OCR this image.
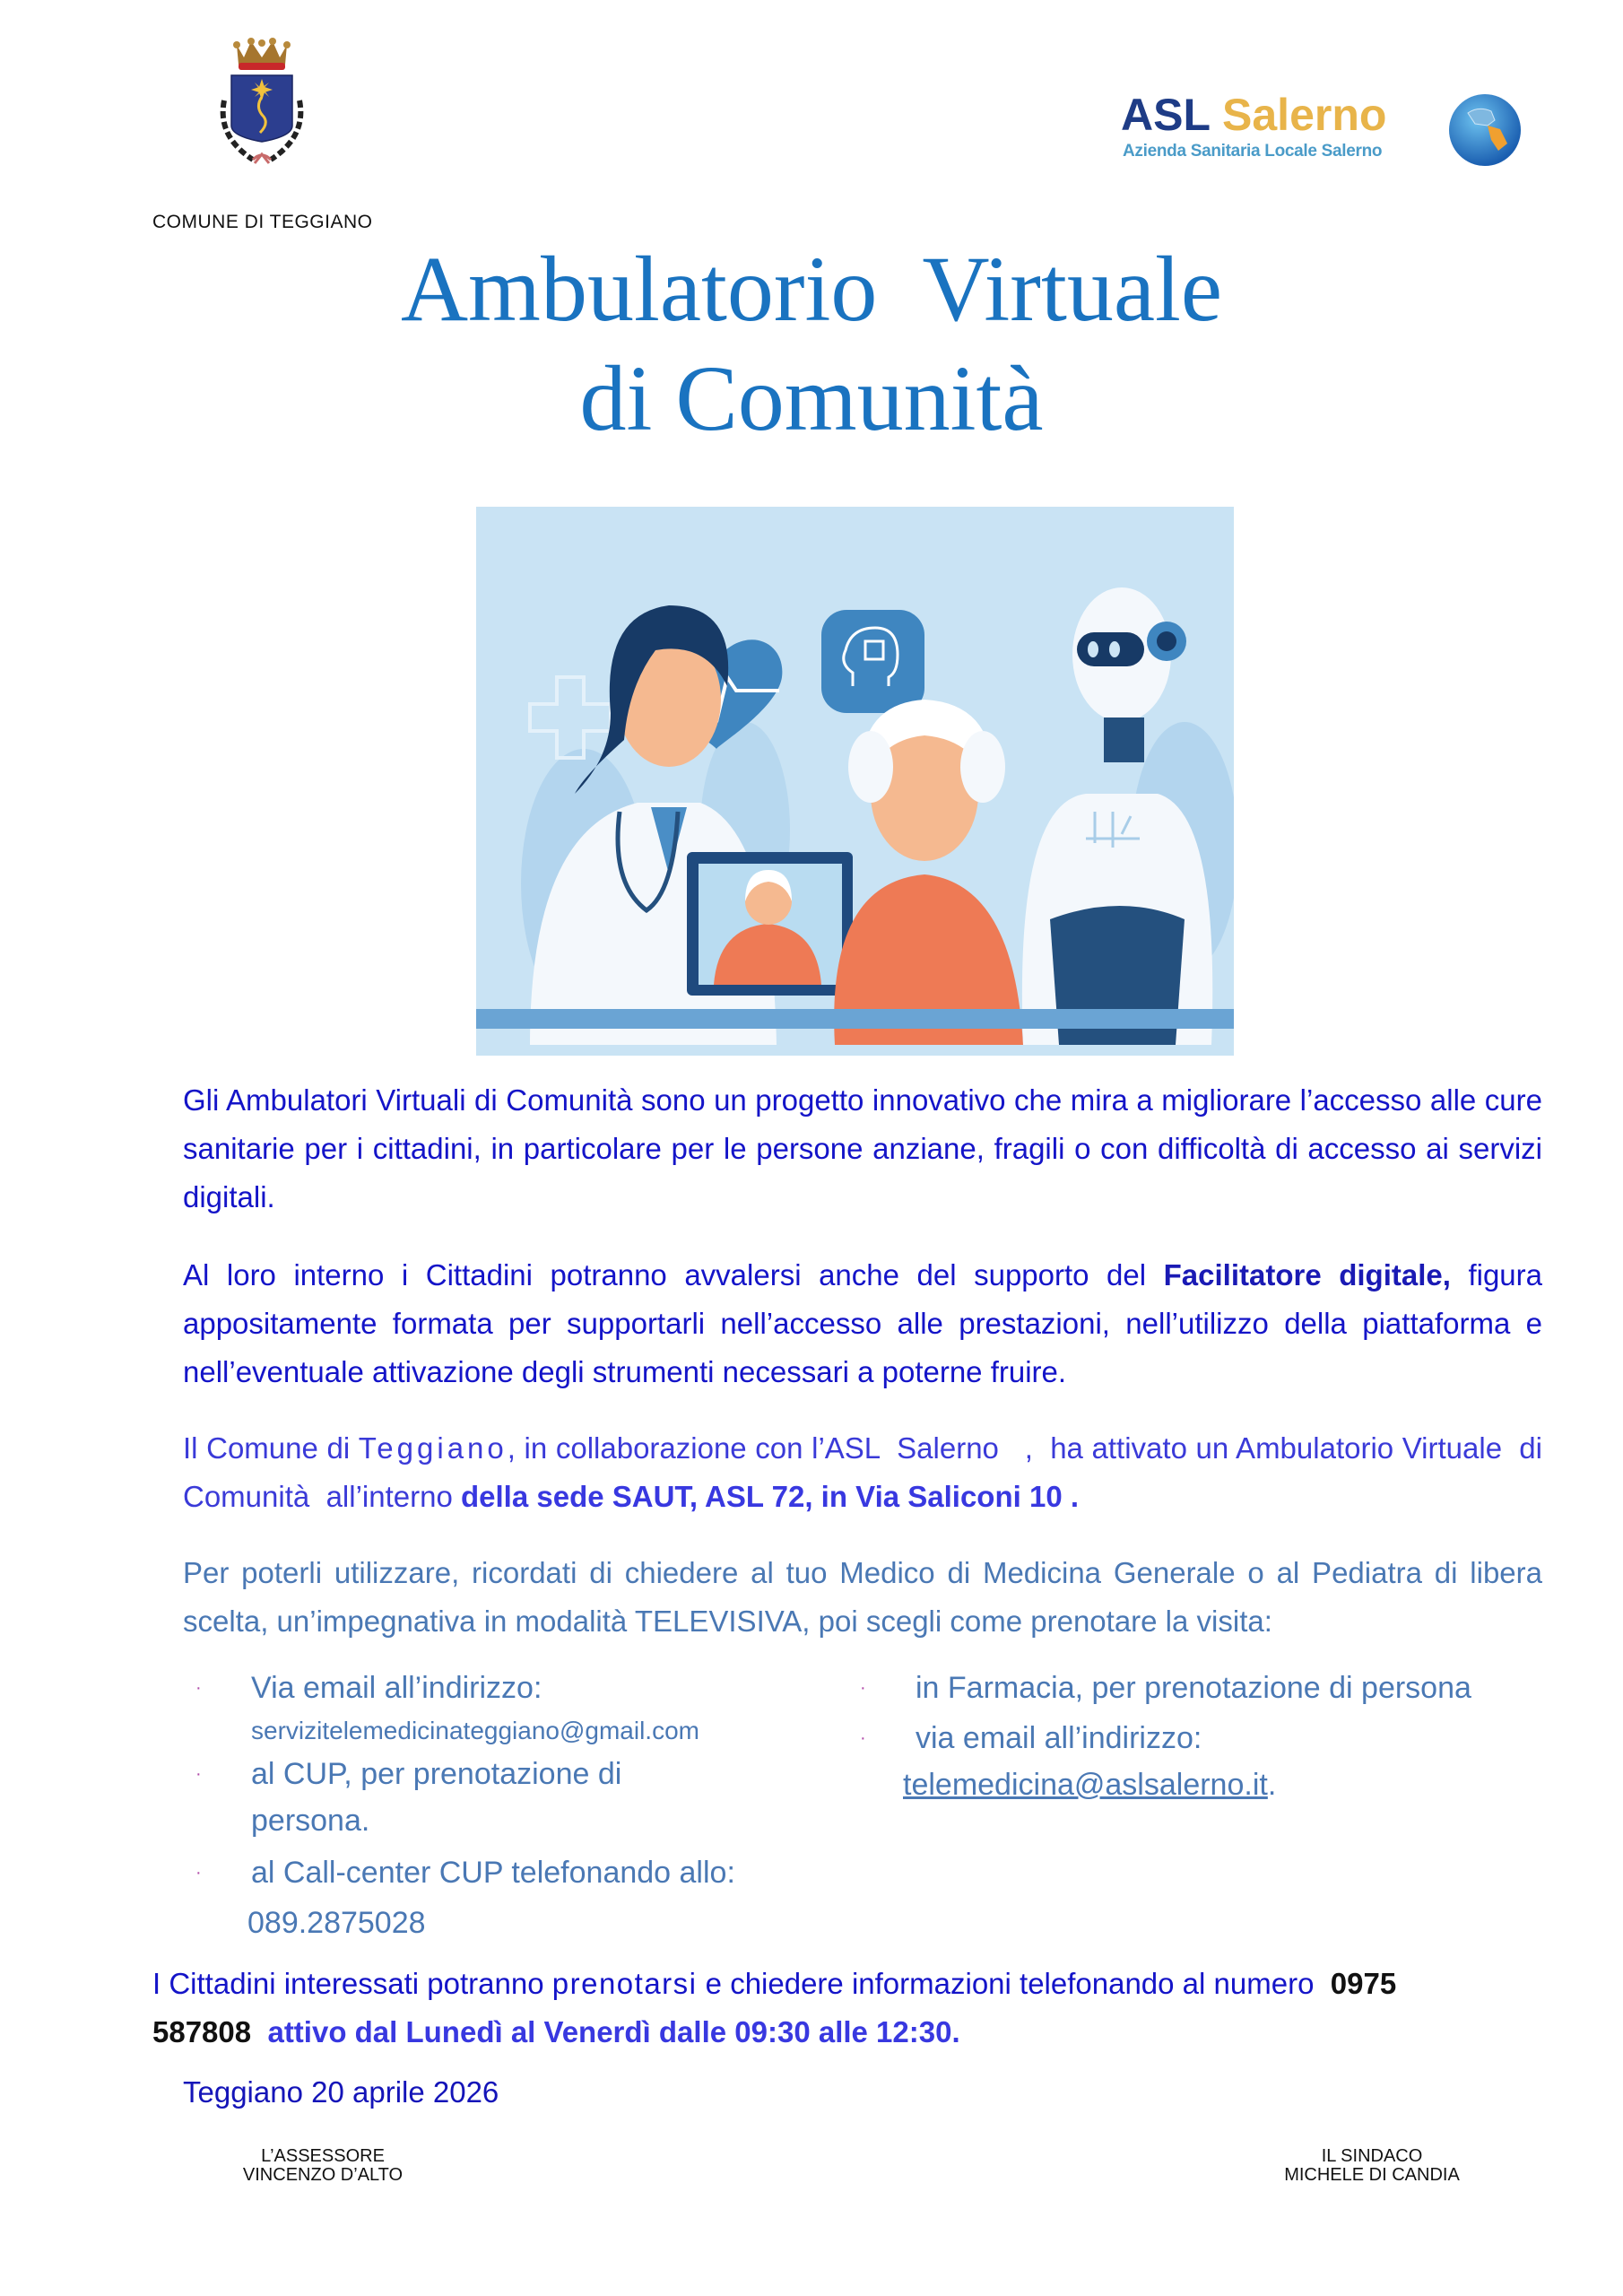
COMUNE DI TEGGIANO
ASL Salerno
Azienda Sanitaria Locale Salerno
Ambulatorio  Virtuale
di Comunità

Gli Ambulatori Virtuali di Comunità sono un progetto innovativo che mira a migliorare l’accesso alle cure sanitarie per i cittadini, in particolare per le persone anziane, fragili o con difficoltà di accesso ai servizi digitali.

Al loro interno i Cittadini potranno avvalersi anche del supporto del Facilitatore digitale, figura appositamente formata per supportarli nell’accesso alle prestazioni, nell’utilizzo della piattaforma e nell’eventuale attivazione degli strumenti necessari a poterne fruire.

Il Comune di Teggiano, in collaborazione con l’ASL  Salerno   ,  ha attivato un Ambulatorio Virtuale  di  Comunità  all’interno della sede SAUT, ASL 72, in Via Saliconi 10 .

Per poterli utilizzare, ricordati di chiedere al tuo Medico di Medicina Generale o al Pediatra di libera scelta, un’impegnativa in modalità TELEVISIVA, poi scegli come prenotare la visita:

· Via email all’indirizzo:
servizitelemedicinateggiano@gmail.com
· al CUP, per prenotazione di persona.
· al Call-center CUP telefonando allo:
089.2875028
· in Farmacia, per prenotazione di persona
· via email all’indirizzo:
telemedicina@aslsalerno.it.

I Cittadini interessati potranno prenotarsi e chiedere informazioni telefonando al numero  0975 587808 attivo dal Lunedì al Venerdì dalle 09:30 alle 12:30.

Teggiano 20 aprile 2026
L’ASSESSORE
VINCENZO D’ALTO
IL SINDACO
MICHELE DI CANDIA
